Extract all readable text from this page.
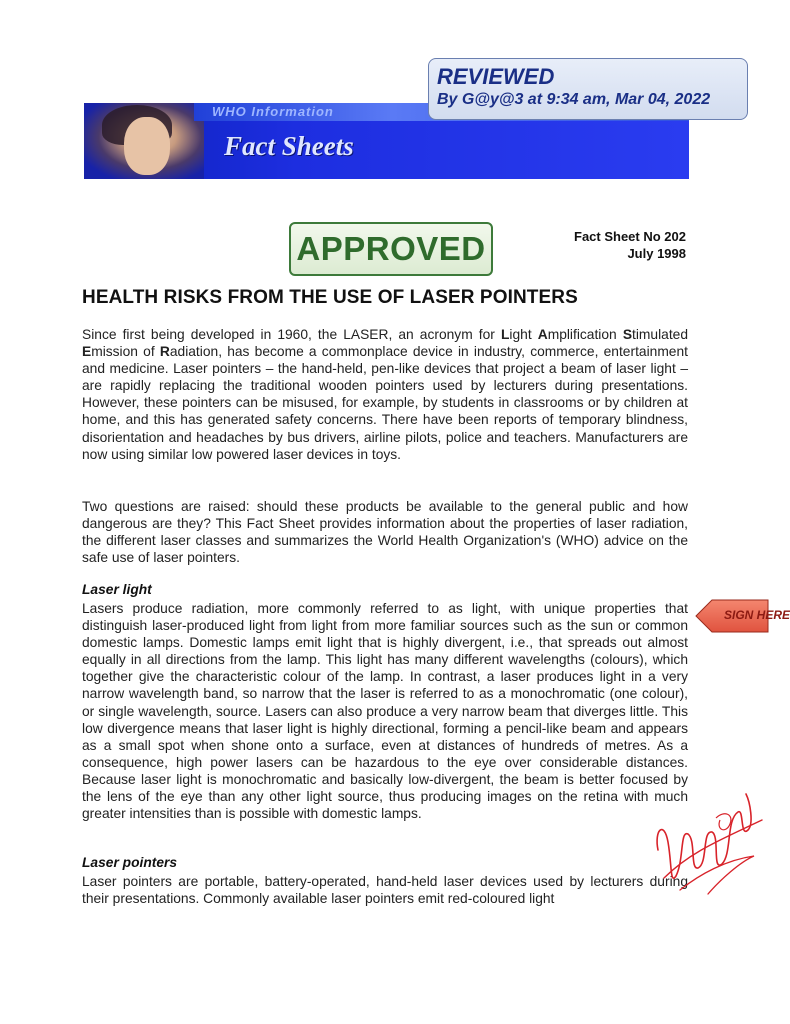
WHO Information
Fact Sheets
REVIEWED
By G@y@3 at 9:34 am, Mar 04, 2022
APPROVED	Fact Sheet No 202
July 1998
HEALTH RISKS FROM THE USE OF LASER POINTERS
Since first being developed in 1960, the LASER, an acronym for Light Amplification Stimulated Emission of Radiation, has become a commonplace device in industry, commerce, entertainment and medicine. Laser pointers – the hand-held, pen-like devices that project a beam of laser light – are rapidly replacing the traditional wooden pointers used by lecturers during presentations. However, these pointers can be misused, for example, by students in classrooms or by children at home, and this has generated safety concerns. There have been reports of temporary blindness, disorientation and headaches by bus drivers, airline pilots, police and teachers. Manufacturers are now using similar low powered laser devices in toys.
Two questions are raised: should these products be available to the general public and how dangerous are they? This Fact Sheet provides information about the properties of laser radiation, the different laser classes and summarizes the World Health Organization's (WHO) advice on the safe use of laser pointers.
Laser light
Lasers produce radiation, more commonly referred to as light, with unique properties that distinguish laser-produced light from light from more familiar sources such as the sun or common domestic lamps. Domestic lamps emit light that is highly divergent, i.e., that spreads out almost equally in all directions from the lamp. This light has many different wavelengths (colours), which together give the characteristic colour of the lamp. In contrast, a laser produces light in a very narrow wavelength band, so narrow that the laser is referred to as a monochromatic (one colour), or single wavelength, source. Lasers can also produce a very narrow beam that diverges little. This low divergence means that laser light is highly directional, forming a pencil-like beam and appears as a small spot when shone onto a surface, even at distances of hundreds of metres. As a consequence, high power lasers can be hazardous to the eye over considerable distances. Because laser light is monochromatic and basically low-divergent, the beam is better focused by the lens of the eye than any other light source, thus producing images on the retina with much greater intensities than is possible with domestic lamps.
Laser pointers
Laser pointers are portable, battery-operated, hand-held laser devices used by lecturers during their presentations. Commonly available laser pointers emit red-coloured light
SIGN HERE
